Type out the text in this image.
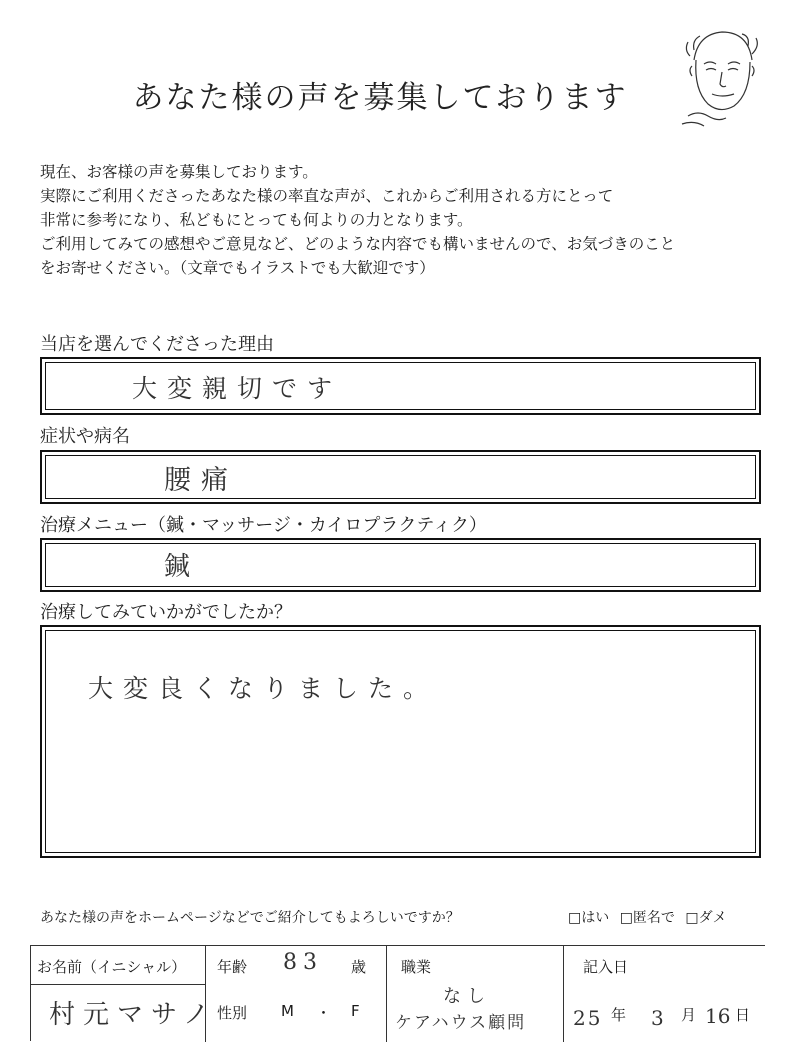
あなた様の声を募集しております

現在、お客様の声を募集しております。

実際にご利用くださったあなた様の率直な声が、これからご利用される方にとって

非常に参考になり、私どもにとっても何よりの力となります。

ご利用してみての感想やご意見など、どのような内容でも構いませんので、お気づきのこと

をお寄せください。（文章でもイラストでも大歓迎です）

当店を選んでくださった理由
大変親切です
症状や病名
腰痛
治療メニュー（鍼・マッサージ・カイロプラクティク）
鍼
治療してみていかがでしたか？
大変良くなりました。
あなた様の声をホームページなどでご紹介してもよろしいですか？	□はい □匿名で □ダメ
お名前（イニシャル）
村元マサノ
年齢 83 歳
性別 M ・ F
職業
なし
ケアハウス顧問
記入日
25 年 3 月 16 日
